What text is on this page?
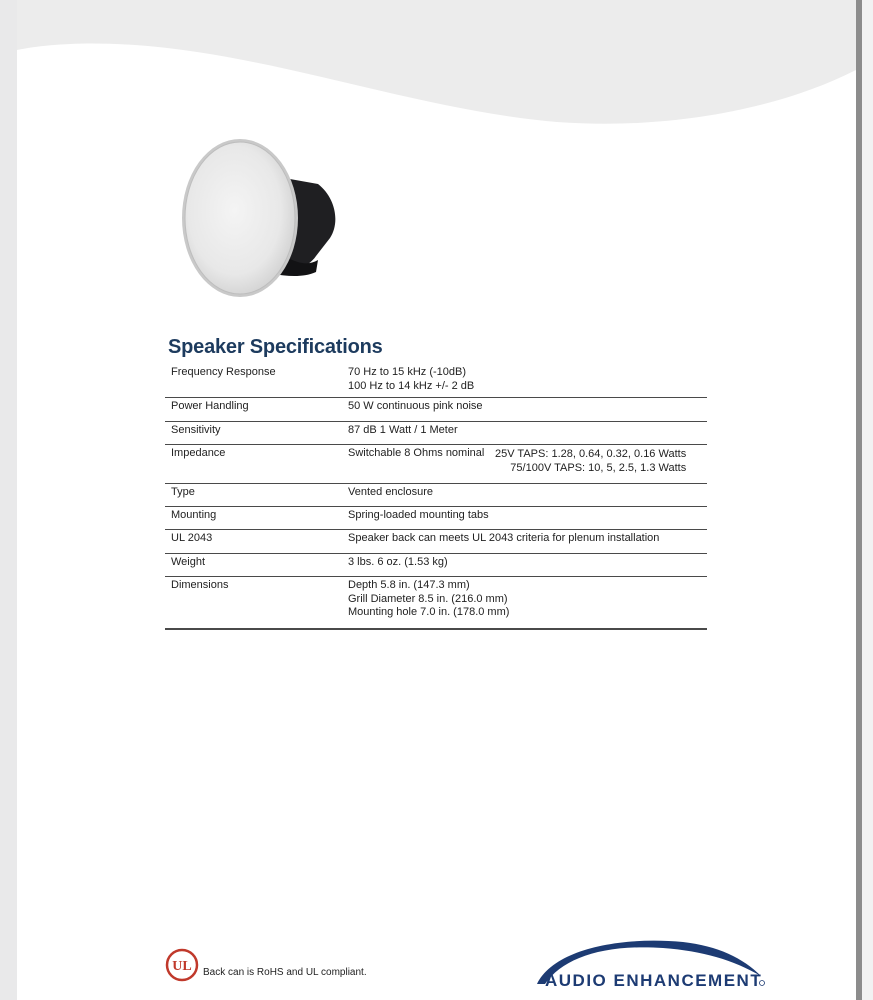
Speaker Specifications
Frequency Response	70 Hz to 15 kHz (-10dB)
100 Hz to 14 kHz +/- 2 dB
Power Handling	50 W continuous pink noise
Sensitivity	87 dB 1 Watt / 1 Meter
Impedance	Switchable 8 Ohms nominal 25V TAPS: 1.28, 0.64, 0.32, 0.16 Watts
75/100V TAPS: 10, 5, 2.5, 1.3 Watts
Type	Vented enclosure
Mounting	Spring-loaded mounting tabs
UL 2043	Speaker back can meets UL 2043 criteria for plenum installation
Weight	3 lbs. 6 oz. (1.53 kg)
Dimensions	Depth 5.8 in. (147.3 mm)
Grill Diameter 8.5 in. (216.0 mm)
Mounting hole 7.0 in. (178.0 mm)
UL Back can is RoHS and UL compliant.	AUDIO ENHANCEMENT
